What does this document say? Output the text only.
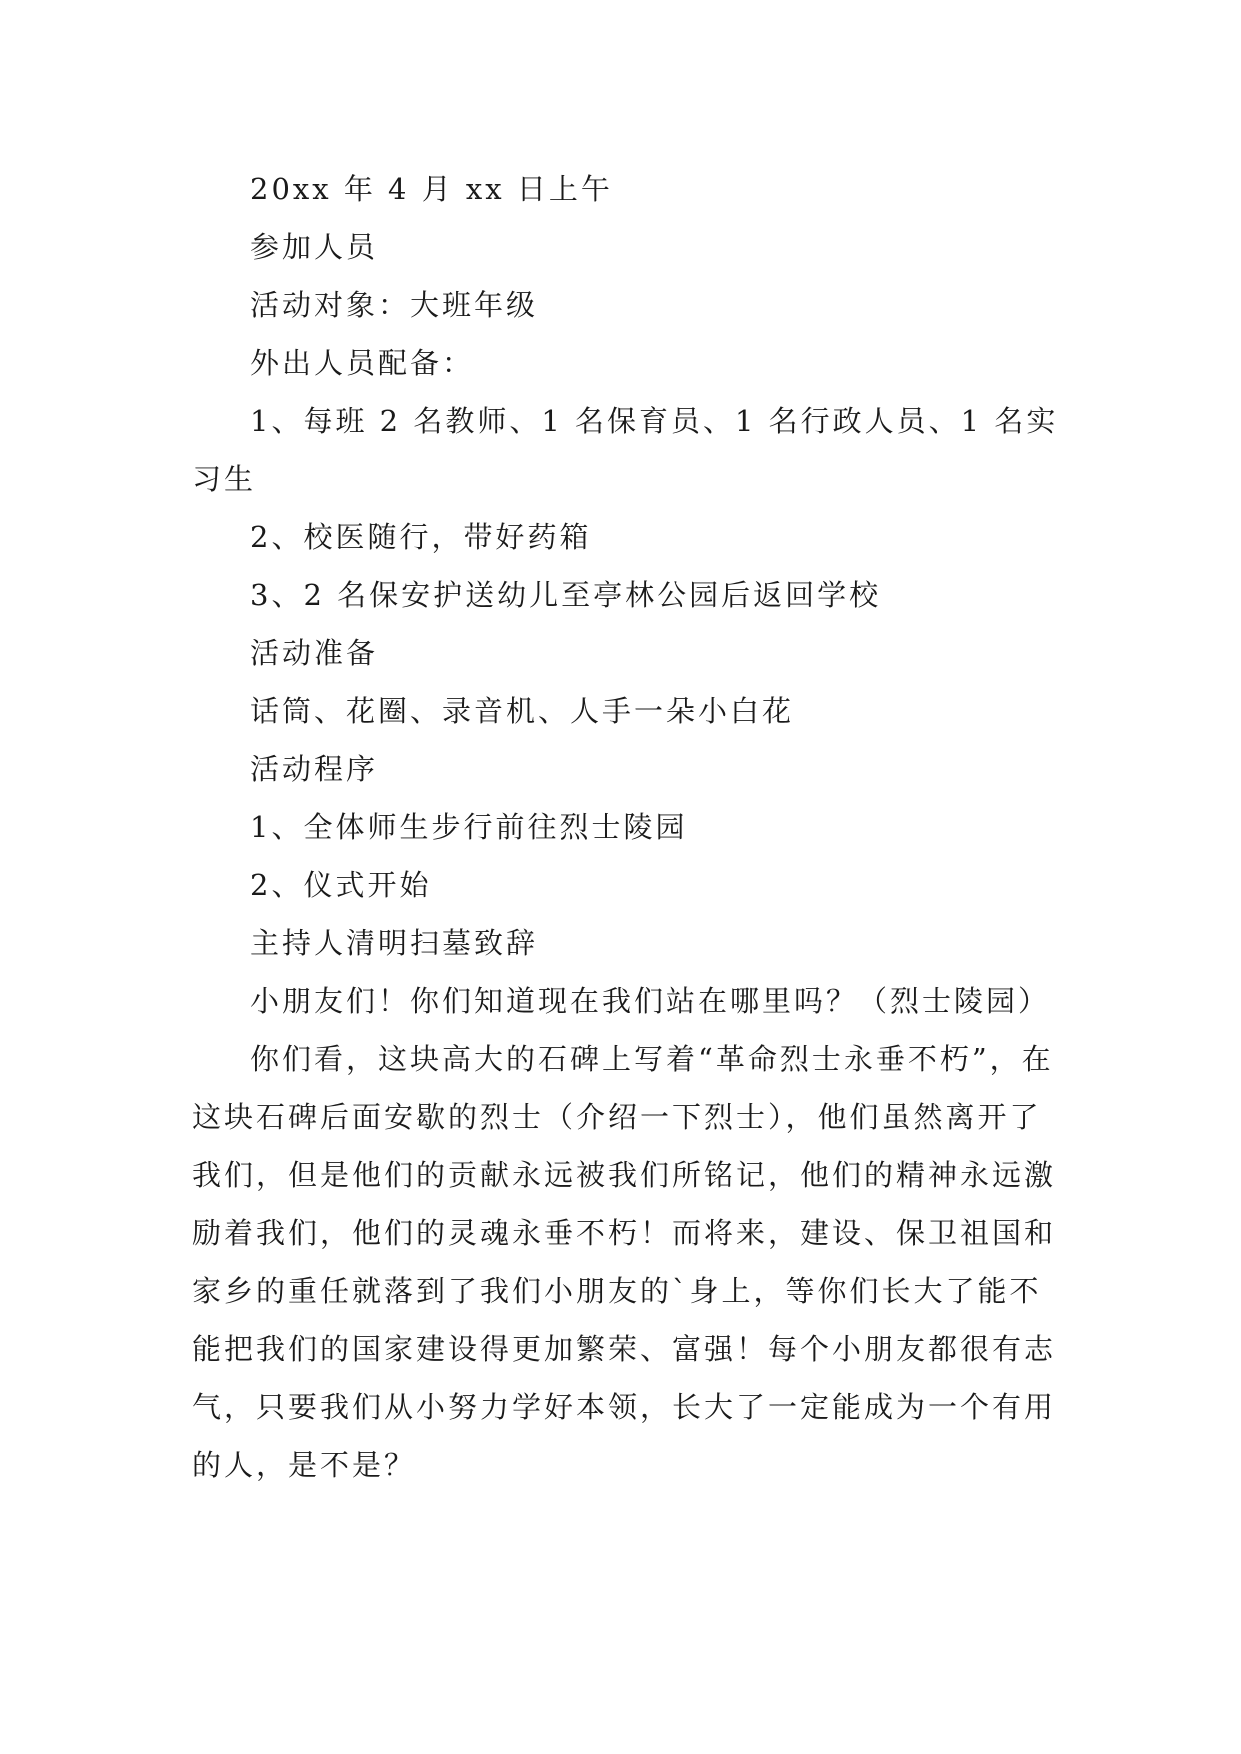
20xx 年 4 月 xx 日上午

参加人员

活动对象：大班年级

外出人员配备：

1、每班 2 名教师、1 名保育员、1 名行政人员、1 名实习生

2、校医随行，带好药箱

3、2 名保安护送幼儿至亭林公园后返回学校

活动准备

话筒、花圈、录音机、人手一朵小白花

活动程序

1、全体师生步行前往烈士陵园

2、仪式开始

主持人清明扫墓致辞

小朋友们！你们知道现在我们站在哪里吗？（烈士陵园）

你们看，这块高大的石碑上写着“革命烈士永垂不朽”，在这块石碑后面安歇的烈士（介绍一下烈士），他们虽然离开了我们，但是他们的贡献永远被我们所铭记，他们的精神永远激励着我们，他们的灵魂永垂不朽！而将来，建设、保卫祖国和家乡的重任就落到了我们小朋友的`身上，等你们长大了能不能把我们的国家建设得更加繁荣、富强！每个小朋友都很有志气，只要我们从小努力学好本领，长大了一定能成为一个有用的人，是不是？
